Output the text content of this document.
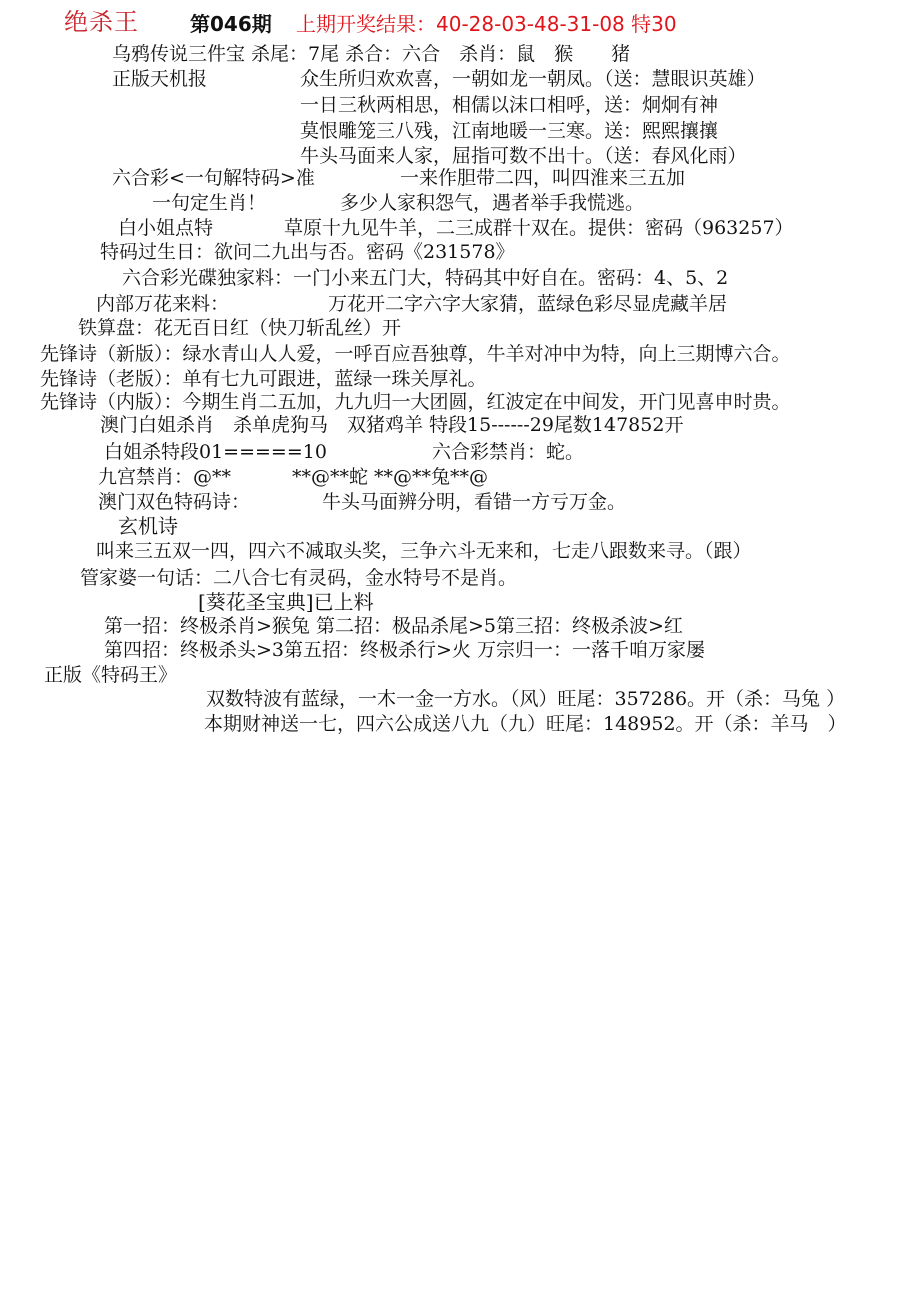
绝杀王	第046期 上期开奖结果：40-28-03-48-31-08 特30
乌鸦传说三件宝 杀尾：7尾 杀合：六合　杀肖：鼠　猴　　猪
正版天机报	众生所归欢欢喜，一朝如龙一朝凤。（送：慧眼识英雄）
一日三秋两相思，相儒以沫口相呼，送：炯炯有神
莫恨雕笼三八残，江南地暖一三寒。送：熙熙攘攘
牛头马面来人家，屈指可数不出十。（送：春风化雨）
六合彩<一句解特码>准	一来作胆带二四，叫四淮来三五加
一句定生肖！	多少人家积怨气，遇者举手我慌逃。
白小姐点特	草原十九见牛羊，二三成群十双在。提供：密码（963257）
特码过生日：欲问二九出与否。密码《231578》
六合彩光碟独家料：一门小来五门大，特码其中好自在。密码：4、5、2
内部万花来料：	万花开二字六字大家猜，蓝绿色彩尽显虎藏羊居
铁算盘：花无百日红（快刀斩乱丝）开
先锋诗（新版）：绿水青山人人爱，一呼百应吾独尊，牛羊对冲中为特，向上三期博六合。
先锋诗（老版）：单有七九可跟进，蓝绿一珠关厚礼。
先锋诗（内版）：今期生肖二五加，九九归一大团圆，红波定在中间发，开门见喜申时贵。
澳门白姐杀肖　杀单虎狗马　双猪鸡羊 特段15------29尾数147852开
白姐杀特段01=====10	六合彩禁肖：蛇。
九宫禁肖：@**	**@**蛇 **@**兔**@
澳门双色特码诗：	牛头马面辨分明，看错一方亏万金。
玄机诗
叫来三五双一四，四六不减取头奖，三争六斗无来和，七走八跟数来寻。（跟）
管家婆一句话：二八合七有灵码，金水特号不是肖。
[葵花圣宝典]已上料
第一招：终极杀肖>猴兔 第二招：极品杀尾>5第三招：终极杀波>红
第四招：终极杀头>3第五招：终极杀行>火 万宗归一：一落千咱万家屡
正版《特码王》
双数特波有蓝绿，一木一金一方水。（风）旺尾：357286。开（杀：马兔 ）
本期财神送一七，四六公成送八九（九）旺尾：148952。开（杀：羊马　）
